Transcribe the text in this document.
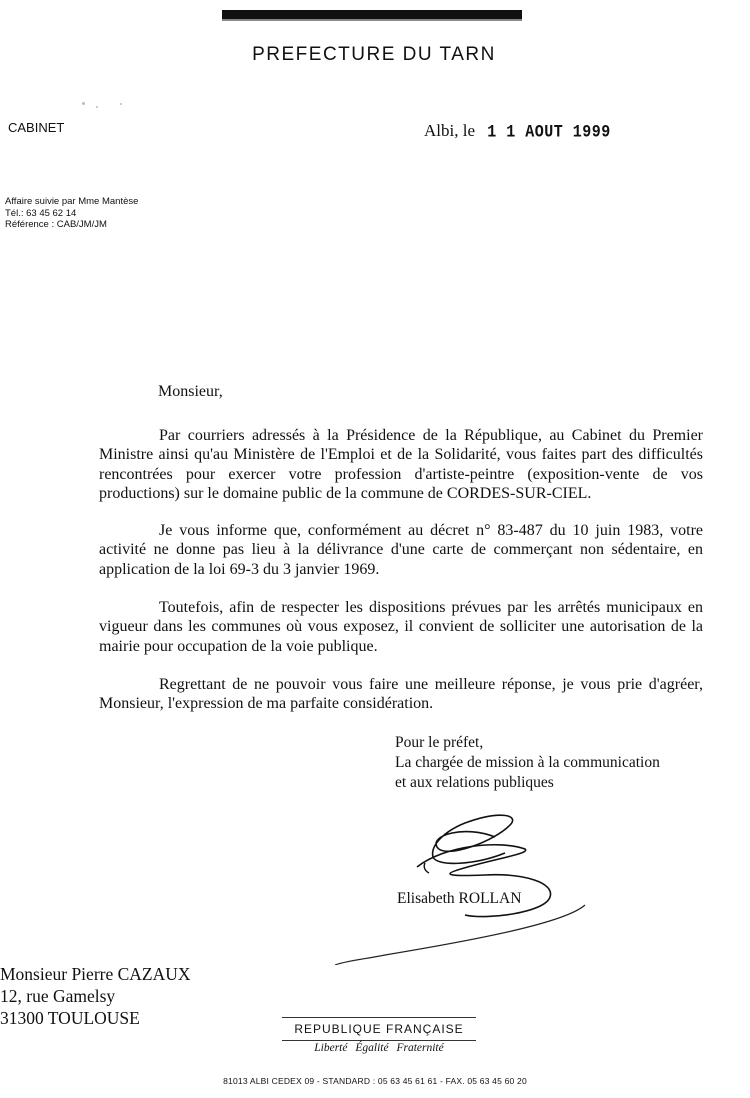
PREFECTURE DU TARN
CABINET	Albi, le 1 1 AOUT 1999
Affaire suivie par Mme Mantèse
Tél.: 63 45 62 14
Référence : CAB/JM/JM
Monsieur,
Par courriers adressés à la Présidence de la République, au Cabinet du Premier Ministre ainsi qu'au Ministère de l'Emploi et de la Solidarité, vous faites part des difficultés rencontrées pour exercer votre profession d'artiste-peintre (exposition-vente de vos productions) sur le domaine public de la commune de CORDES-SUR-CIEL.
Je vous informe que, conformément au décret n° 83-487 du 10 juin 1983, votre activité ne donne pas lieu à la délivrance d'une carte de commerçant non sédentaire, en application de la loi 69-3 du 3 janvier 1969.
Toutefois, afin de respecter les dispositions prévues par les arrêtés municipaux en vigueur dans les communes où vous exposez, il convient de solliciter une autorisation de la mairie pour occupation de la voie publique.
Regrettant de ne pouvoir vous faire une meilleure réponse, je vous prie d'agréer, Monsieur, l'expression de ma parfaite considération.
Pour le préfet,
La chargée de mission à la communication
et aux relations publiques
Elisabeth ROLLAN
Monsieur Pierre CAZAUX
12, rue Gamelsy
31300 TOULOUSE
REPUBLIQUE FRANÇAISE
Liberté Égalité Fraternité
81013 ALBI CEDEX 09 - STANDARD : 05 63 45 61 61 - FAX. 05 63 45 60 20
